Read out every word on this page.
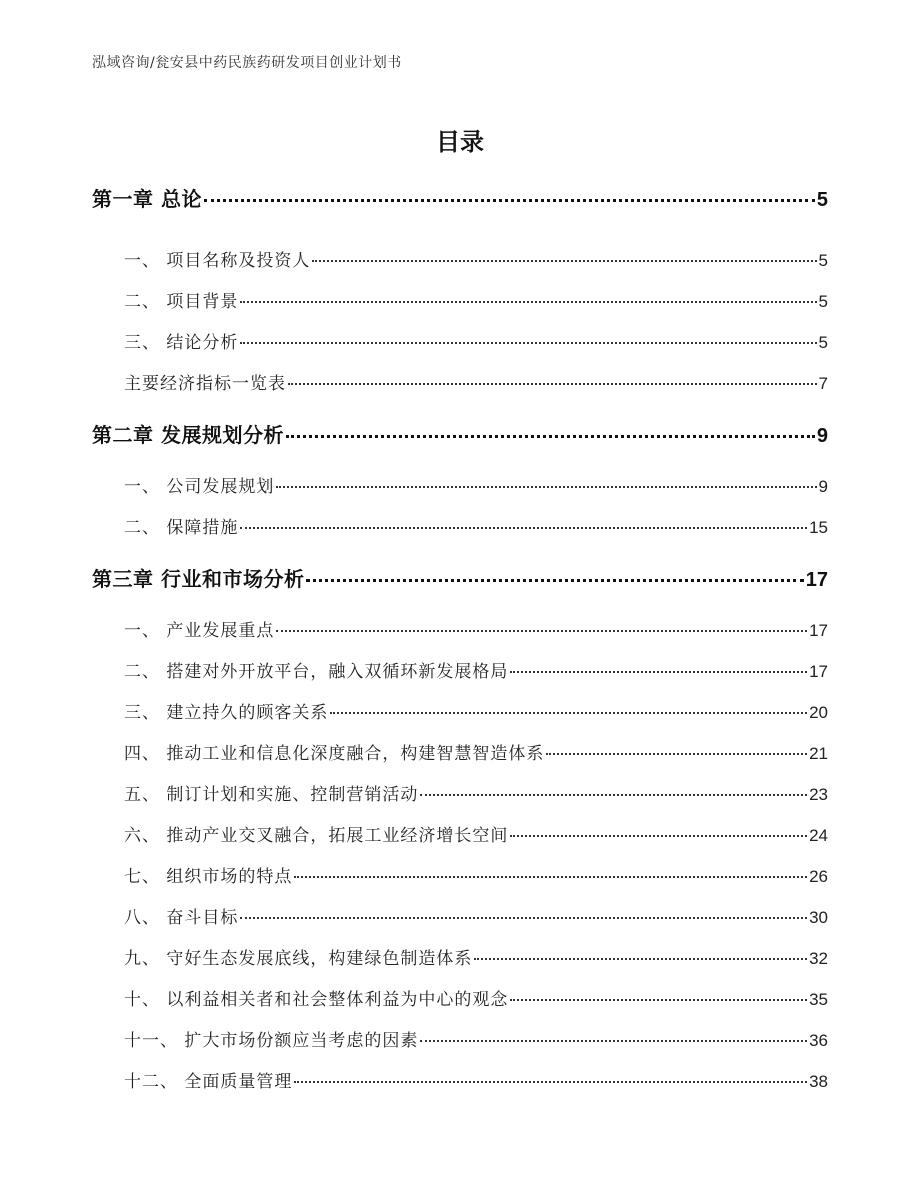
泓域咨询/瓮安县中药民族药研发项目创业计划书
目录
第一章 总论	5
一、 项目名称及投资人	5
二、 项目背景	5
三、 结论分析	5
主要经济指标一览表	7
第二章 发展规划分析	9
一、 公司发展规划	9
二、 保障措施	15
第三章 行业和市场分析	17
一、 产业发展重点	17
二、 搭建对外开放平台，融入双循环新发展格局	17
三、 建立持久的顾客关系	20
四、 推动工业和信息化深度融合，构建智慧智造体系	21
五、 制订计划和实施、控制营销活动	23
六、 推动产业交叉融合，拓展工业经济增长空间	24
七、 组织市场的特点	26
八、 奋斗目标	30
九、 守好生态发展底线，构建绿色制造体系	32
十、 以利益相关者和社会整体利益为中心的观念	35
十一、 扩大市场份额应当考虑的因素	36
十二、 全面质量管理	38
